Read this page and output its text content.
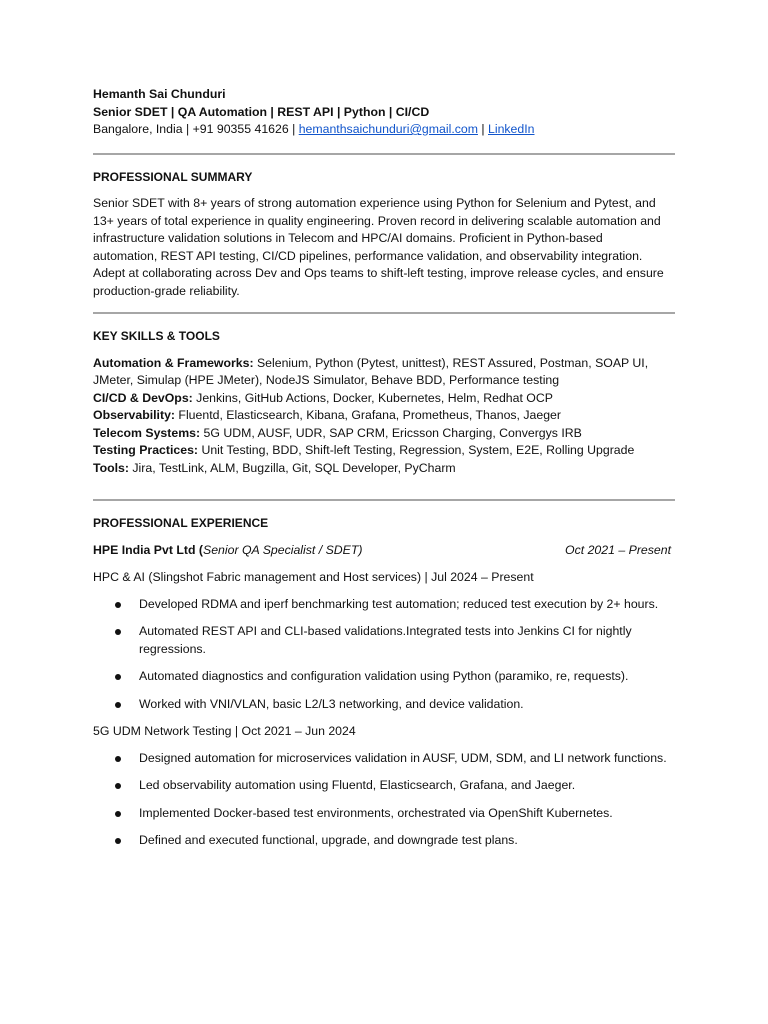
Hemanth Sai Chunduri
Senior SDET | QA Automation | REST API | Python | CI/CD
Bangalore, India | +91 90355 41626 | hemanthsaichunduri@gmail.com | LinkedIn
PROFESSIONAL SUMMARY
Senior SDET with 8+ years of strong automation experience using Python for Selenium and Pytest, and 13+ years of total experience in quality engineering. Proven record in delivering scalable automation and infrastructure validation solutions in Telecom and HPC/AI domains. Proficient in Python-based automation, REST API testing, CI/CD pipelines, performance validation, and observability integration. Adept at collaborating across Dev and Ops teams to shift-left testing, improve release cycles, and ensure production-grade reliability.
KEY SKILLS & TOOLS
Automation & Frameworks: Selenium, Python (Pytest, unittest), REST Assured, Postman, SOAP UI, JMeter, Simulap (HPE JMeter), NodeJS Simulator, Behave BDD, Performance testing
CI/CD & DevOps: Jenkins, GitHub Actions, Docker, Kubernetes, Helm, Redhat OCP
Observability: Fluentd, Elasticsearch, Kibana, Grafana, Prometheus, Thanos, Jaeger
Telecom Systems: 5G UDM, AUSF, UDR, SAP CRM, Ericsson Charging, Convergys IRB
Testing Practices: Unit Testing, BDD, Shift-left Testing, Regression, System, E2E, Rolling Upgrade
Tools: Jira, TestLink, ALM, Bugzilla, Git, SQL Developer, PyCharm
PROFESSIONAL EXPERIENCE
HPE India Pvt Ltd (Senior QA Specialist / SDET)	Oct 2021 – Present
HPC & AI (Slingshot Fabric management and Host services) | Jul 2024 – Present
Developed RDMA and iperf benchmarking test automation; reduced test execution by 2+ hours.
Automated REST API and CLI-based validations.Integrated tests into Jenkins CI for nightly regressions.
Automated diagnostics and configuration validation using Python (paramiko, re, requests).
Worked with VNI/VLAN, basic L2/L3 networking, and device validation.
5G UDM Network Testing | Oct 2021 – Jun 2024
Designed automation for microservices validation in AUSF, UDM, SDM, and LI network functions.
Led observability automation using Fluentd, Elasticsearch, Grafana, and Jaeger.
Implemented Docker-based test environments, orchestrated via OpenShift Kubernetes.
Defined and executed functional, upgrade, and downgrade test plans.
